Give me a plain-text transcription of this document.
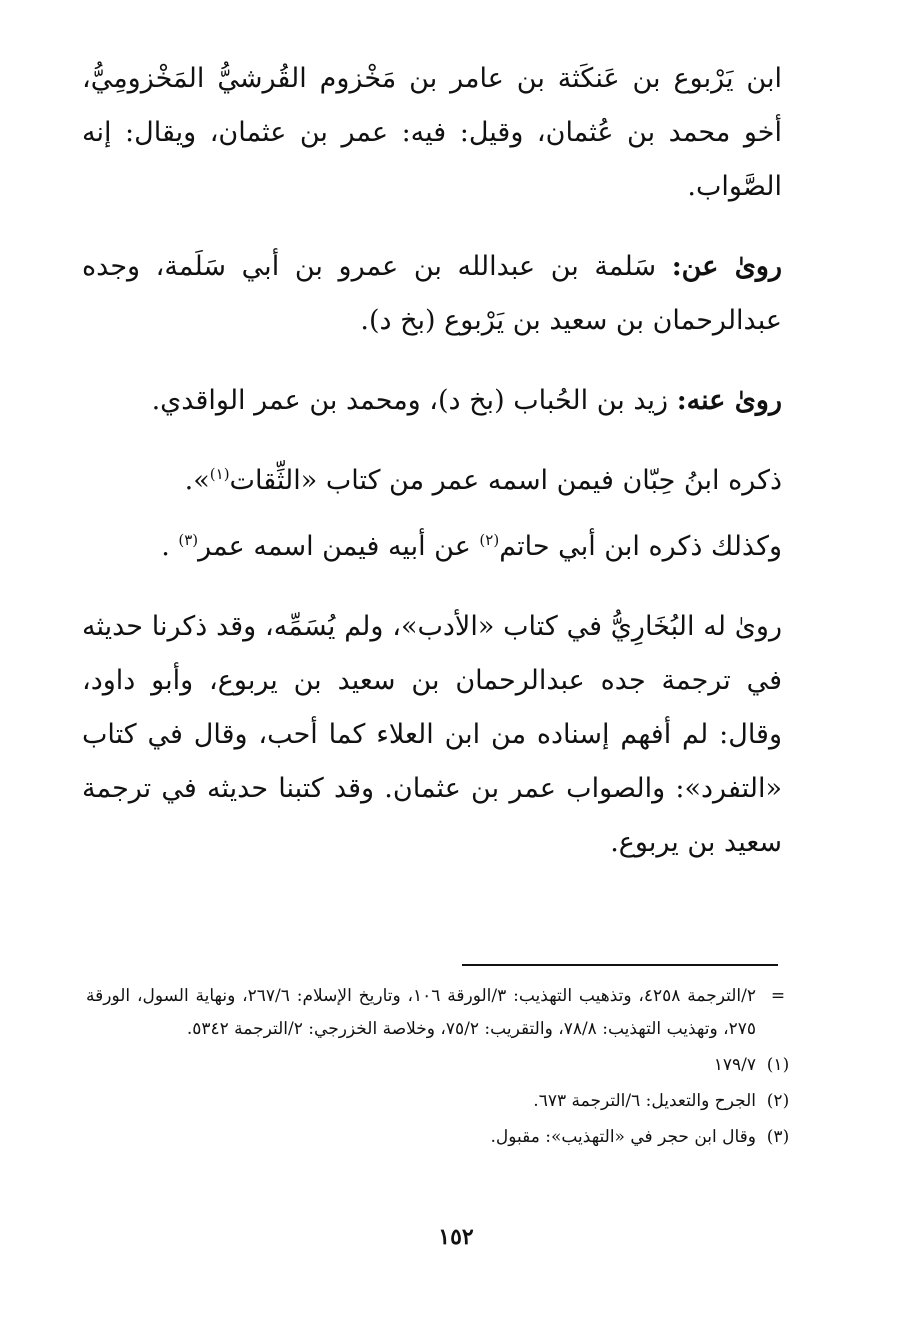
ابن يَرْبوع بن عَنكَثة بن عامر بن مَخْزوم القُرشيُّ المَخْزومِيُّ، أخو محمد بن عُثمان، وقيل: فيه: عمر بن عثمان، ويقال: إنه الصَّواب.

روىٰ عن: سَلمة بن عبدالله بن عمرو بن أبي سَلَمة، وجده عبدالرحمان بن سعيد بن يَرْبوع (بخ د).

روىٰ عنه: زيد بن الحُباب (بخ د)، ومحمد بن عمر الواقدي.

ذكره ابنُ حِبّان فيمن اسمه عمر من كتاب «الثِّقات$^{(١)}$».

وكذلك ذكره ابن أبي حاتم$^{(٢)}$ عن أبيه فيمن اسمه عمر$^{(٣)}$ .

روىٰ له البُخَارِيُّ في كتاب «الأدب»، ولم يُسَمِّه، وقد ذكرنا حديثه في ترجمة جده عبدالرحمان بن سعيد بن يربوع، وأبو داود، وقال: لم أفهم إسناده من ابن العلاء كما أحب، وقال في كتاب «التفرد»: والصواب عمر بن عثمان. وقد كتبنا حديثه في ترجمة سعيد بن يربوع.

=
٢/الترجمة ٤٢٥٨، وتذهيب التهذيب: ٣/الورقة ١٠٦، وتاريخ الإسلام: ٢٦٧/٦، ونهاية السول، الورقة ٢٧٥، وتهذيب التهذيب: ٧٨/٨، والتقريب: ٧٥/٢، وخلاصة الخزرجي: ٢/الترجمة ٥٣٤٢.
(١)
١٧٩/٧
(٢)
الجرح والتعديل: ٦/الترجمة ٦٧٣.
(٣)
وقال ابن حجر في «التهذيب»: مقبول.
١٥٢
